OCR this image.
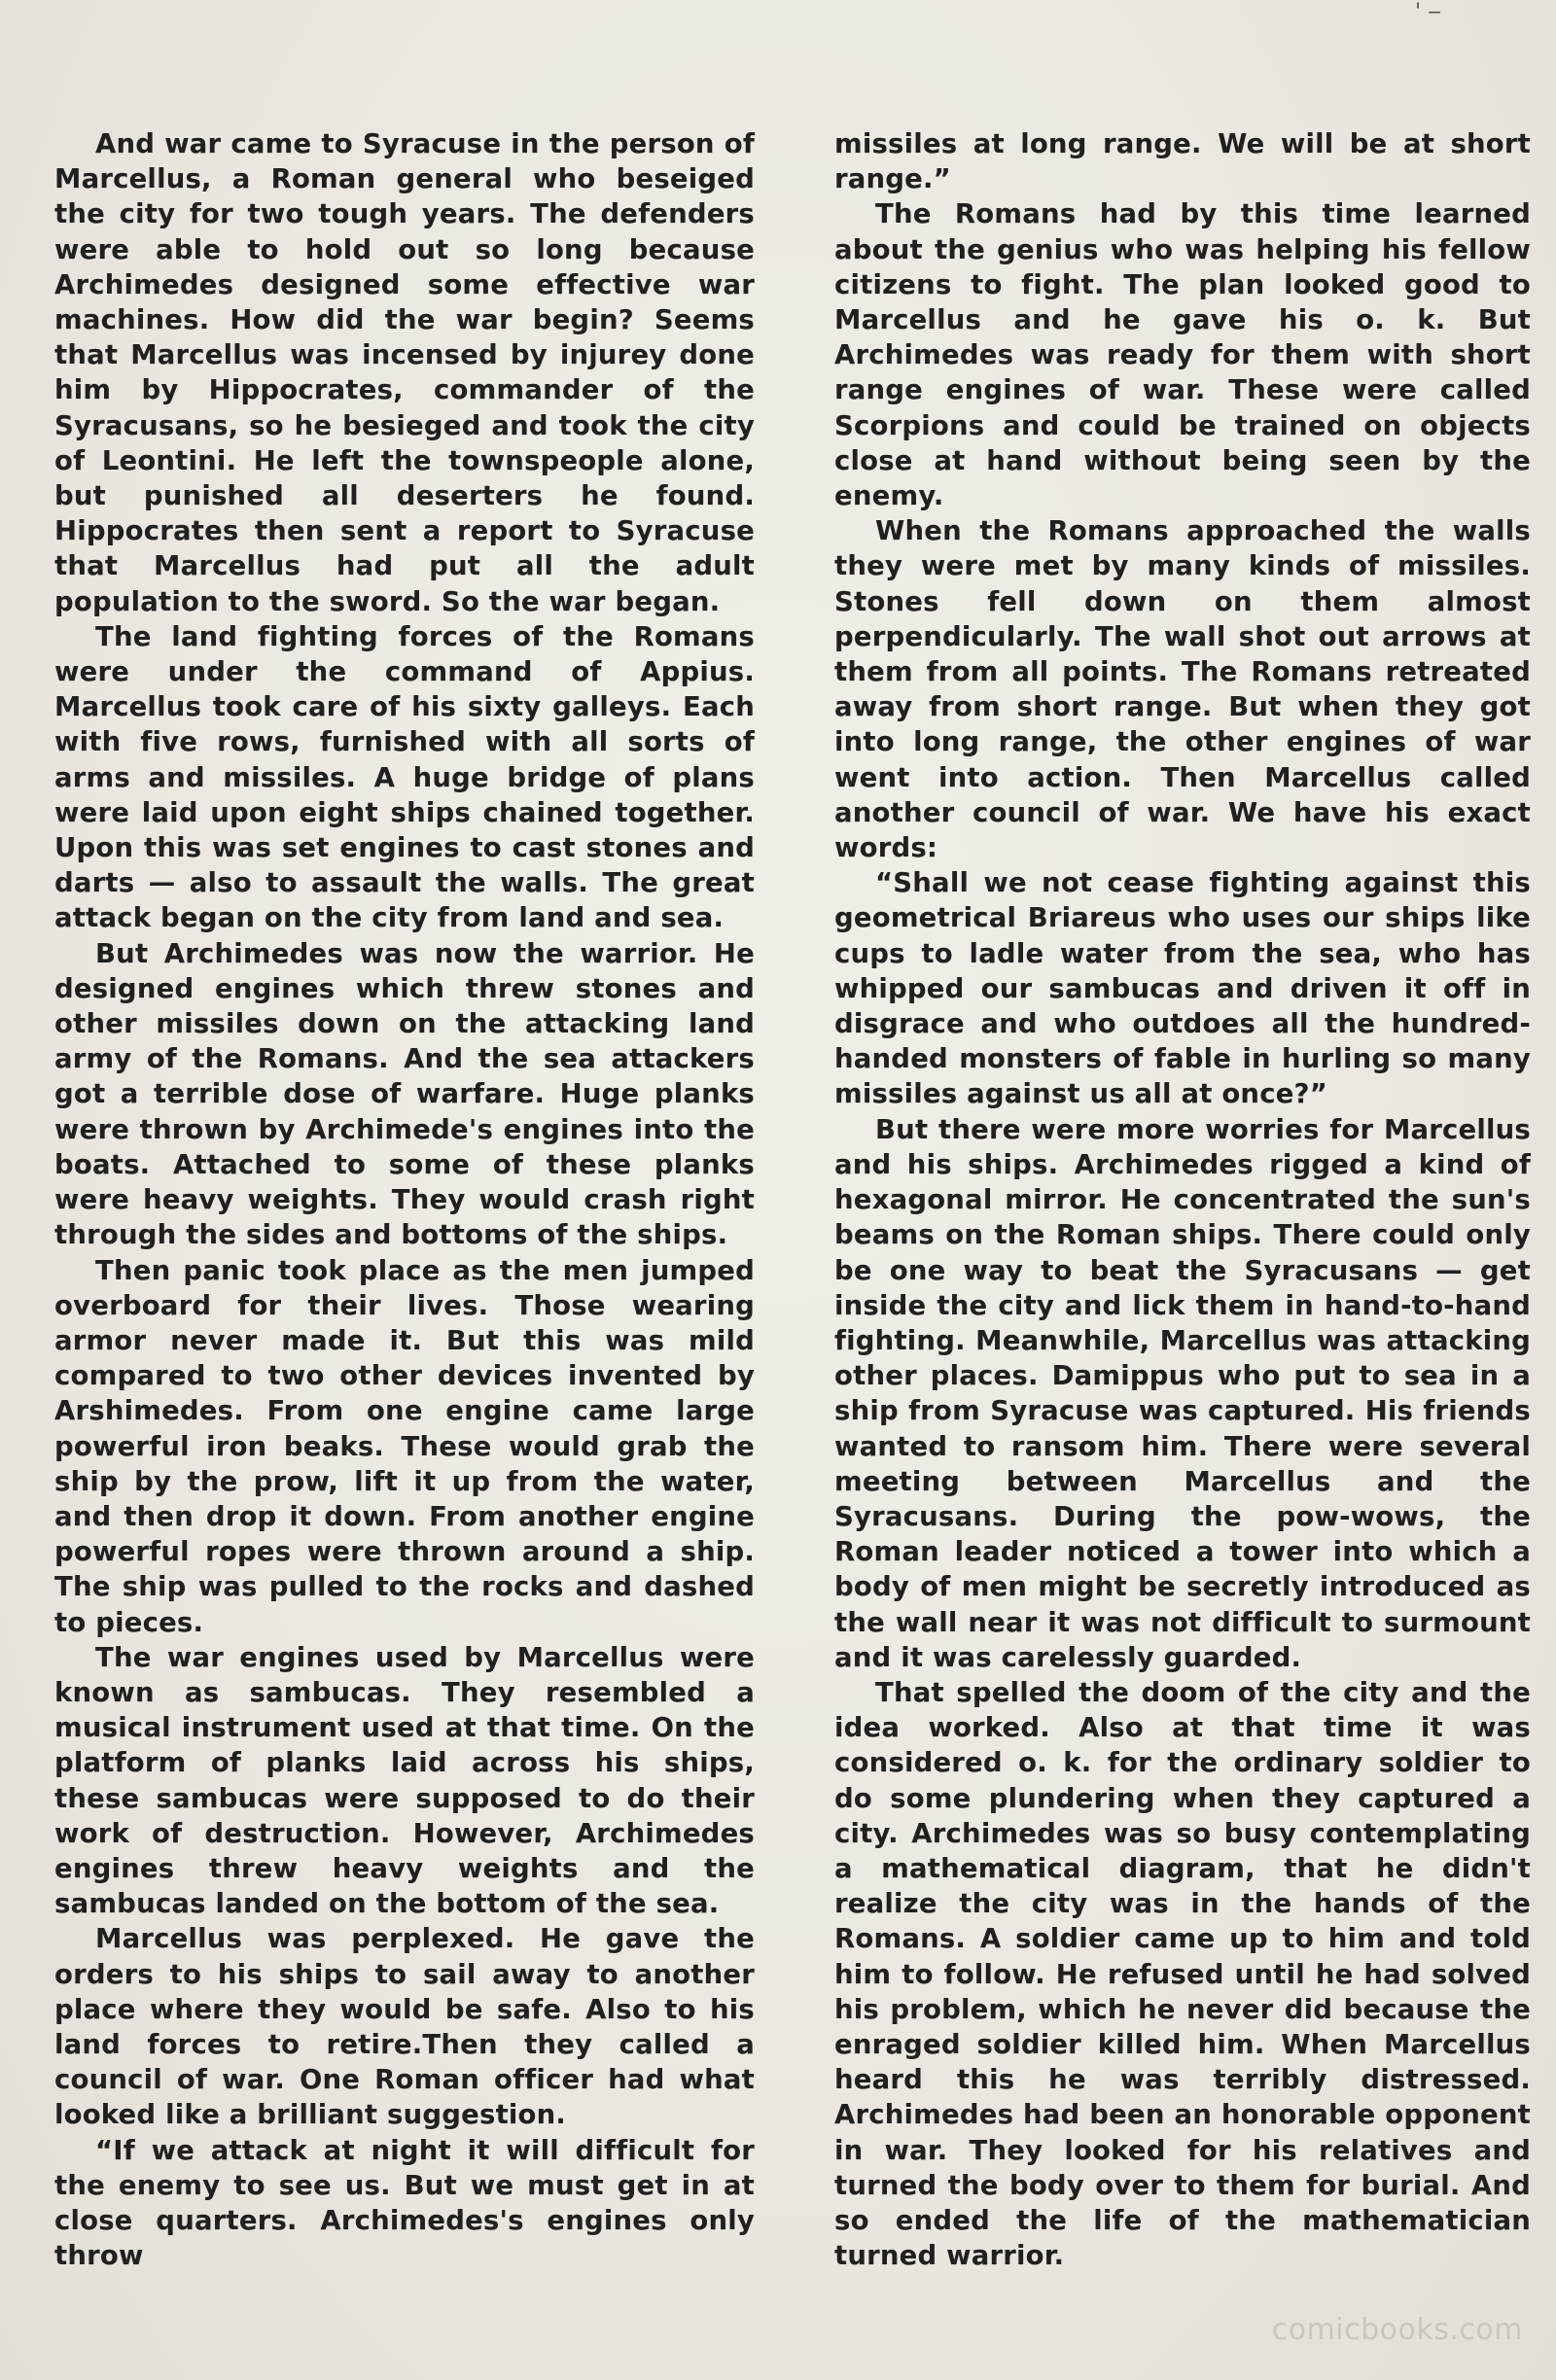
' ‒

And war came to Syracuse in the person of Marcellus, a Roman general who beseiged the city for two tough years. The defenders were able to hold out so long because Archimedes designed some effective war machines. How did the war begin? Seems that Marcellus was incensed by injurey done him by Hippocrates, commander of the Syracusans, so he besieged and took the city of Leontini. He left the townspeople alone, but punished all deserters he found. Hippocrates then sent a report to Syracuse that Marcellus had put all the adult population to the sword. So the war began.

The land fighting forces of the Romans were under the command of Appius. Marcellus took care of his sixty galleys. Each with five rows, furnished with all sorts of arms and missiles. A huge bridge of plans were laid upon eight ships chained together. Upon this was set engines to cast stones and darts — also to assault the walls. The great attack began on the city from land and sea.

But Archimedes was now the warrior. He designed engines which threw stones and other missiles down on the attacking land army of the Romans. And the sea attackers got a terrible dose of warfare. Huge planks were thrown by Archimede's engines into the boats. Attached to some of these planks were heavy weights. They would crash right through the sides and bottoms of the ships.

Then panic took place as the men jumped overboard for their lives. Those wearing armor never made it. But this was mild compared to two other devices invented by Arshimedes. From one engine came large powerful iron beaks. These would grab the ship by the prow, lift it up from the water, and then drop it down. From another engine powerful ropes were thrown around a ship. The ship was pulled to the rocks and dashed to pieces.

The war engines used by Marcellus were known as sambucas. They resembled a musical instrument used at that time. On the platform of planks laid across his ships, these sambucas were supposed to do their work of destruction. However, Archimedes engines threw heavy weights and the sambucas landed on the bottom of the sea.

Marcellus was perplexed. He gave the orders to his ships to sail away to another place where they would be safe. Also to his land forces to retire.Then they called a council of war. One Roman officer had what looked like a brilliant suggestion.

“If we attack at night it will difficult for the enemy to see us. But we must get in at close quarters. Archimedes's engines only throw

missiles at long range. We will be at short range.”

The Romans had by this time learned about the genius who was helping his fellow citizens to fight. The plan looked good to Marcellus and he gave his o. k. But Archimedes was ready for them with short range engines of war. These were called Scorpions and could be trained on objects close at hand without being seen by the enemy.

When the Romans approached the walls they were met by many kinds of missiles. Stones fell down on them almost perpendicularly. The wall shot out arrows at them from all points. The Romans retreated away from short range. But when they got into long range, the other engines of war went into action. Then Marcellus called another council of war. We have his exact words:

“Shall we not cease fighting against this geometrical Briareus who uses our ships like cups to ladle water from the sea, who has whipped our sambucas and driven it off in disgrace and who outdoes all the hundred-handed monsters of fable in hurling so many missiles against us all at once?”

But there were more worries for Marcellus and his ships. Archimedes rigged a kind of hexagonal mirror. He concentrated the sun's beams on the Roman ships. There could only be one way to beat the Syracusans — get inside the city and lick them in hand-to-hand fighting. Meanwhile, Marcellus was attacking other places. Damippus who put to sea in a ship from Syracuse was captured. His friends wanted to ransom him. There were several meeting between Marcellus and the Syracusans. During the pow-wows, the Roman leader noticed a tower into which a body of men might be secretly introduced as the wall near it was not difficult to surmount and it was carelessly guarded.

That spelled the doom of the city and the idea worked. Also at that time it was considered o. k. for the ordinary soldier to do some plundering when they captured a city. Archimedes was so busy contemplating a mathematical diagram, that he didn't realize the city was in the hands of the Romans. A soldier came up to him and told him to follow. He refused until he had solved his problem, which he never did because the enraged soldier killed him. When Marcellus heard this he was terribly distressed. Archimedes had been an honorable opponent in war. They looked for his relatives and turned the body over to them for burial. And so ended the life of the mathematician turned warrior.

comicbooks.com
